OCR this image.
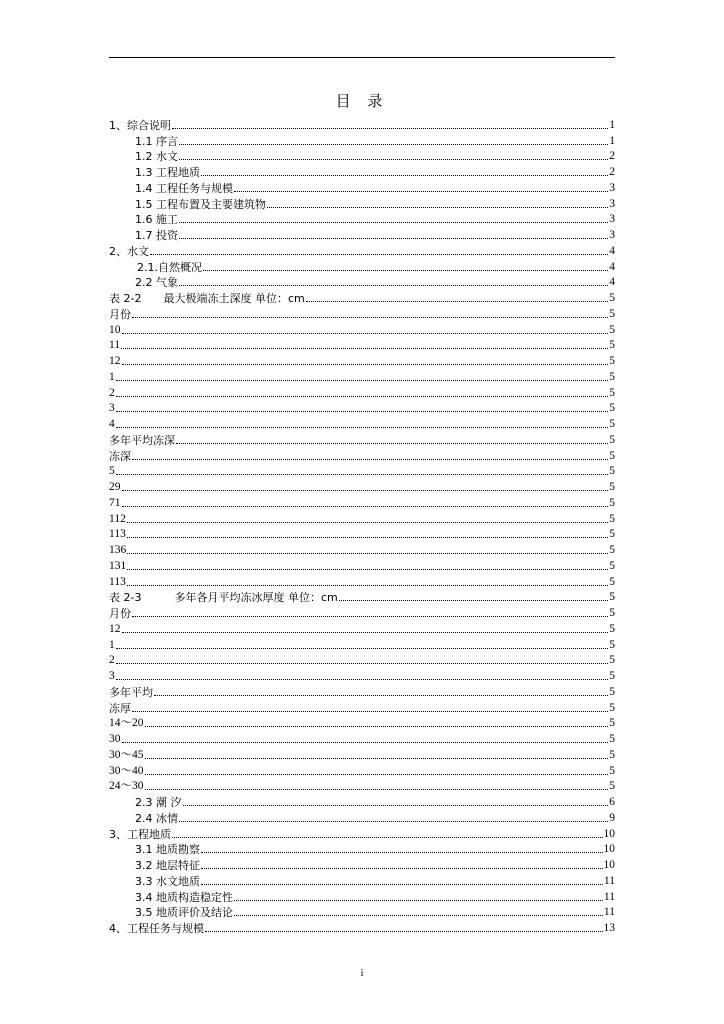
目 录
1、综合说明	1
1.1 序言	1
1.2 水文	2
1.3 工程地质	2
1.4 工程任务与规模	3
1.5 工程布置及主要建筑物	3
1.6 施工	3
1.7 投资	3
2、水文	4
2.1.自然概况	4
2.2 气象	4
表 2-2　　最大极端冻土深度 单位：cm	5
月份	5
10	5
11	5
12	5
1	5
2	5
3	5
4	5
多年平均冻深	5
冻深	5
5	5
29	5
71	5
112	5
113	5
136	5
131	5
113	5
表 2-3　　　多年各月平均冻冰厚度 单位：cm	5
月份	5
12	5
1	5
2	5
3	5
多年平均	5
冻厚	5
14～20	5
30	5
30～45	5
30～40	5
24～30	5
2.3 潮 汐	6
2.4 冰情	9
3、工程地质	10
3.1 地质勘察	10
3.2 地层特征	10
3.3 水文地质	11
3.4 地质构造稳定性	11
3.5 地质评价及结论	11
4、工程任务与规模	13
i
